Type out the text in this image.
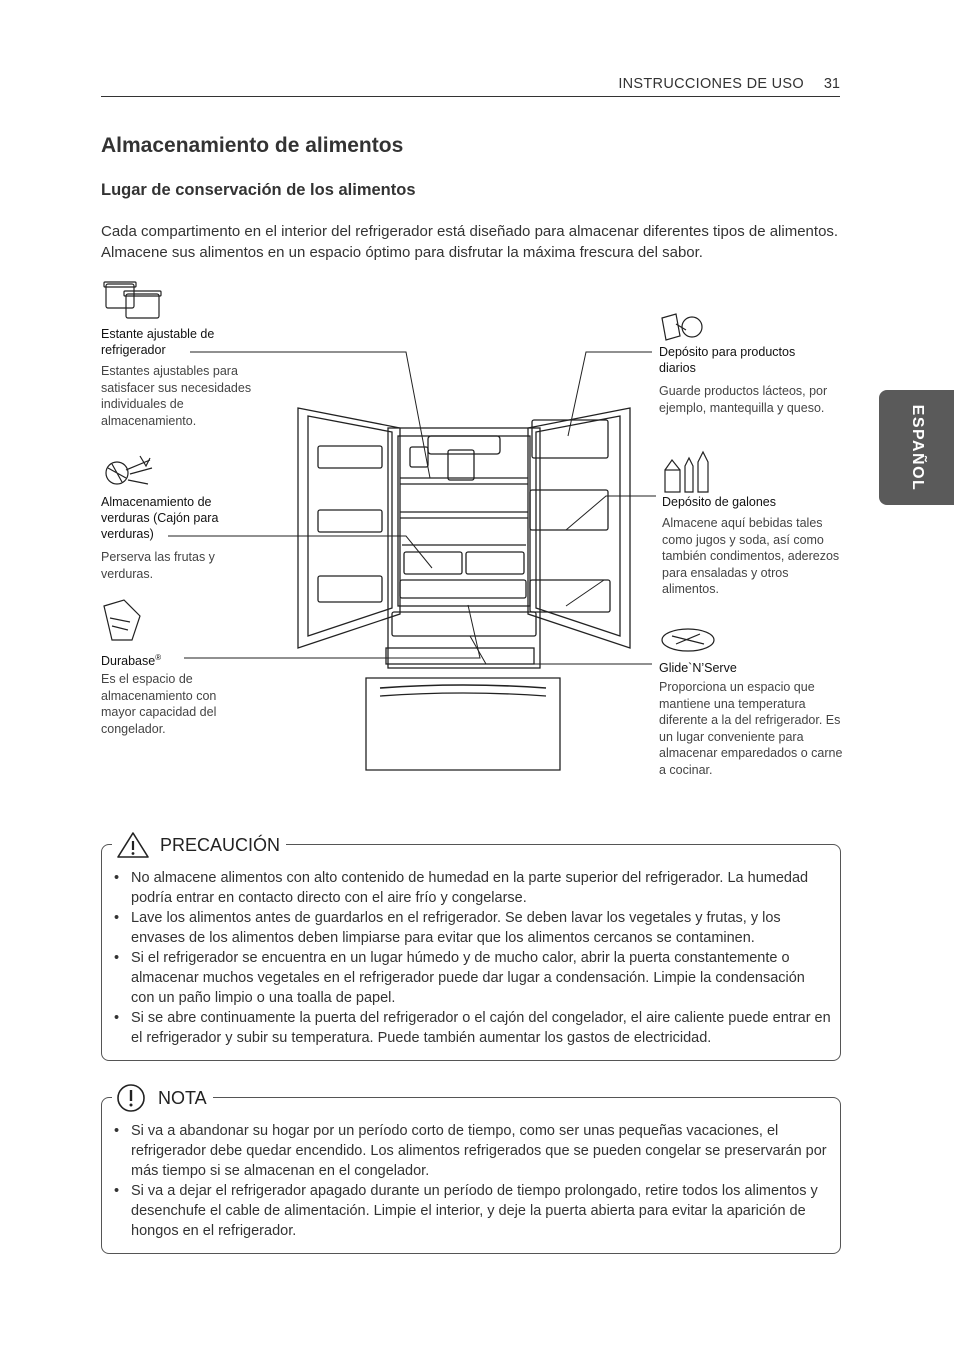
INSTRUCCIONES DE USO 31
ESPAÑOL
Almacenamiento de alimentos
Lugar de conservación de los alimentos
Cada compartimento en el interior del refrigerador está diseñado para almacenar diferentes tipos de alimentos. Almacene sus alimentos en un espacio óptimo para disfrutar la máxima frescura del sabor.
Estante ajustable de refrigerador
Estantes ajustables para satisfacer sus necesidades individuales de almacenamiento.
Almacenamiento de verduras (Cajón para verduras)
Perserva las frutas y verduras.
Durabase®
Es el espacio de almacenamiento con mayor capacidad del congelador.
Depósito para productos diarios
Guarde productos lácteos, por ejemplo, mantequilla y queso.
Depósito de galones
Almacene aquí bebidas tales como jugos y soda, así como también condimentos, aderezos para ensaladas y otros alimentos.
Glide`N’Serve
Proporciona un espacio que mantiene una temperatura diferente a la del refrigerador. Es un lugar conveniente para almacenar emparedados o carne a cocinar.
PRECAUCIÓN
• No almacene alimentos con alto contenido de humedad en la parte superior del refrigerador. La humedad podría entrar en contacto directo con el aire frío y congelarse.
• Lave los alimentos antes de guardarlos en el refrigerador. Se deben lavar los vegetales y frutas, y los envases de los alimentos deben limpiarse para evitar que los alimentos cercanos se contaminen.
• Si el refrigerador se encuentra en un lugar húmedo y de mucho calor, abrir la puerta constantemente o almacenar muchos vegetales en el refrigerador puede dar lugar a condensación. Limpie la condensación con un paño limpio o una toalla de papel.
• Si se abre continuamente la puerta del refrigerador o el cajón del congelador, el aire caliente puede entrar en el refrigerador y subir su temperatura. Puede también aumentar los gastos de electricidad.
NOTA
• Si va a abandonar su hogar por un período corto de tiempo, como ser unas pequeñas vacaciones, el refrigerador debe quedar encendido. Los alimentos refrigerados que se pueden congelar se preservarán por más tiempo si se almacenan en el congelador.
• Si va a dejar el refrigerador apagado durante un período de tiempo prolongado, retire todos los alimentos y desenchufe el cable de alimentación. Limpie el interior, y deje la puerta abierta para evitar la aparición de hongos en el refrigerador.
